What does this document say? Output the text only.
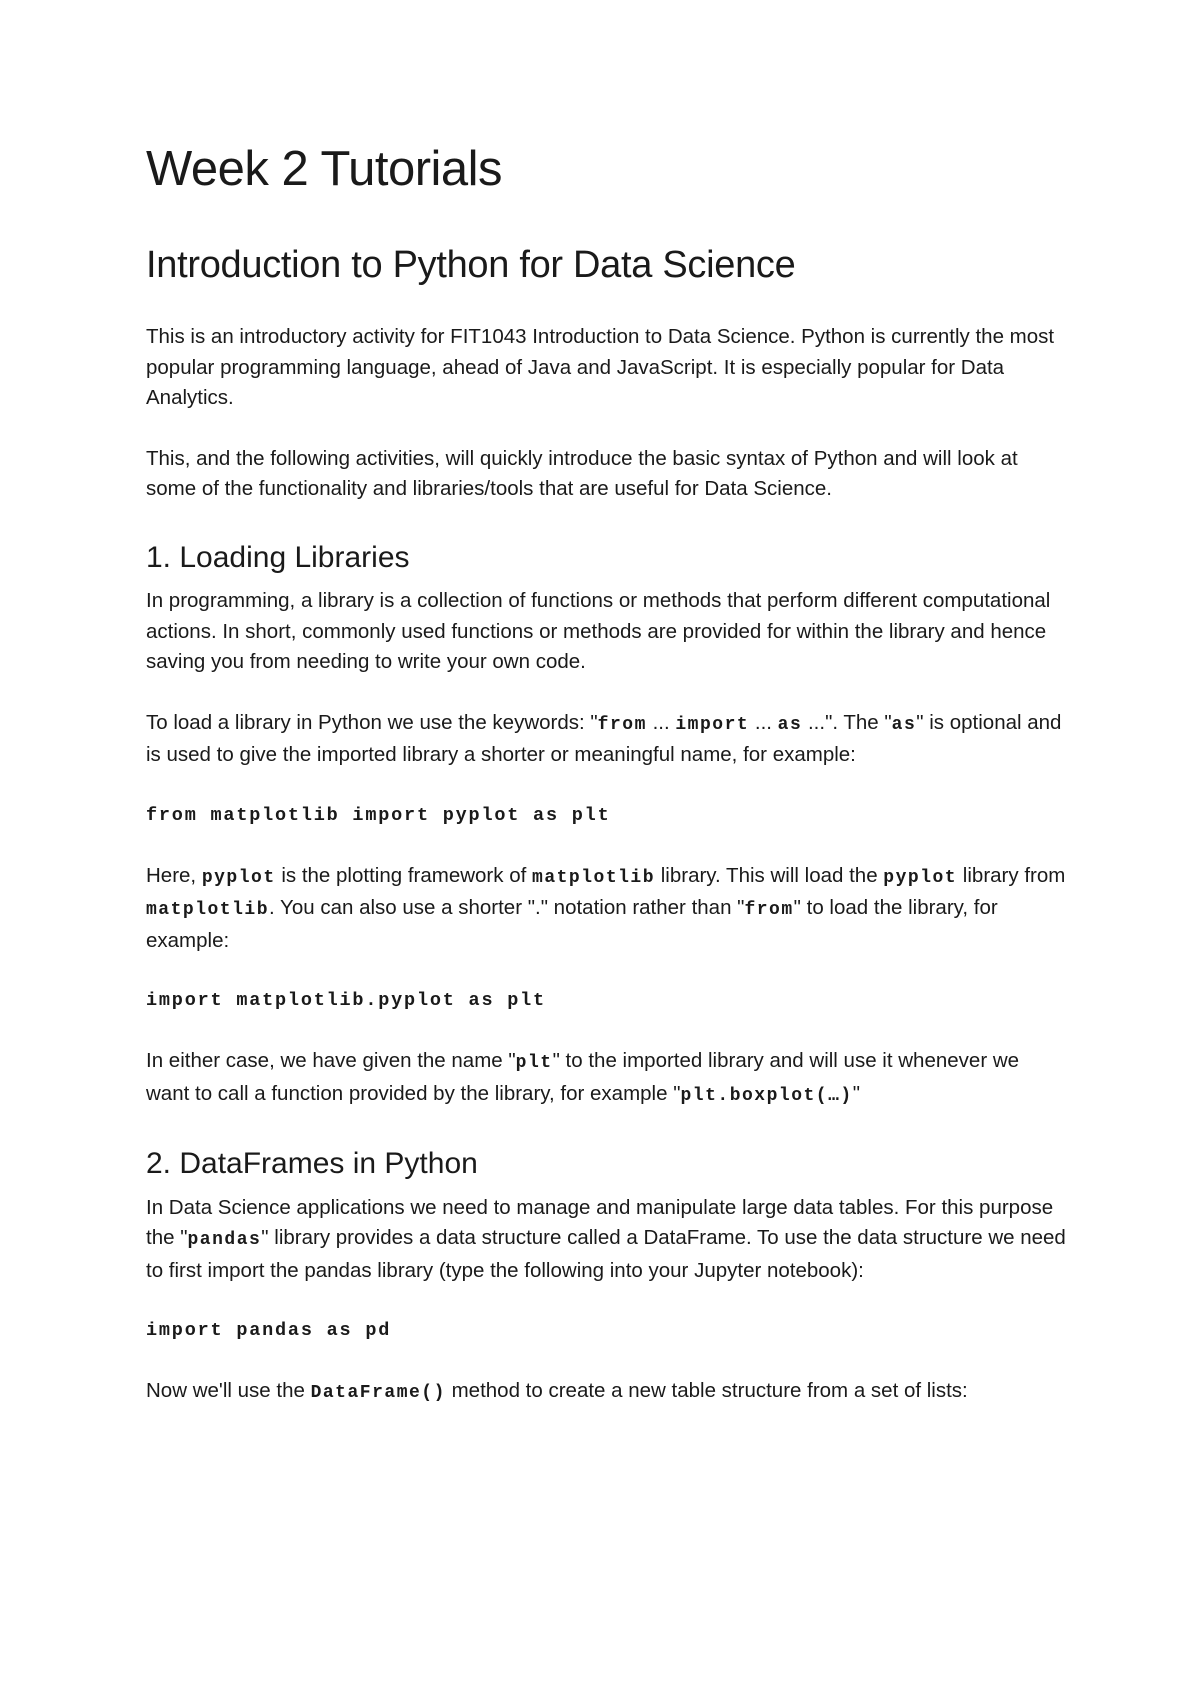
Week 2 Tutorials
Introduction to Python for Data Science

This is an introductory activity for FIT1043 Introduction to Data Science. Python is currently the most popular programming language, ahead of Java and JavaScript. It is especially popular for Data Analytics.

This, and the following activities, will quickly introduce the basic syntax of Python and will look at some of the functionality and libraries/tools that are useful for Data Science.

1. Loading Libraries

In programming, a library is a collection of functions or methods that perform different computational actions. In short, commonly used functions or methods are provided for within the library and hence saving you from needing to write your own code.

To load a library in Python we use the keywords: "from ... import ... as ...". The "as" is optional and is used to give the imported library a shorter or meaningful name, for example:

from matplotlib import pyplot as plt

Here, pyplot is the plotting framework of matplotlib library. This will load the pyplot library from matplotlib. You can also use a shorter "." notation rather than "from" to load the library, for example:

import matplotlib.pyplot as plt

In either case, we have given the name "plt" to the imported library and will use it whenever we want to call a function provided by the library, for example "plt.boxplot(…)"

2. DataFrames in Python

In Data Science applications we need to manage and manipulate large data tables. For this purpose the "pandas" library provides a data structure called a DataFrame. To use the data structure we need to first import the pandas library (type the following into your Jupyter notebook):

import pandas as pd

Now we'll use the DataFrame() method to create a new table structure from a set of lists:
